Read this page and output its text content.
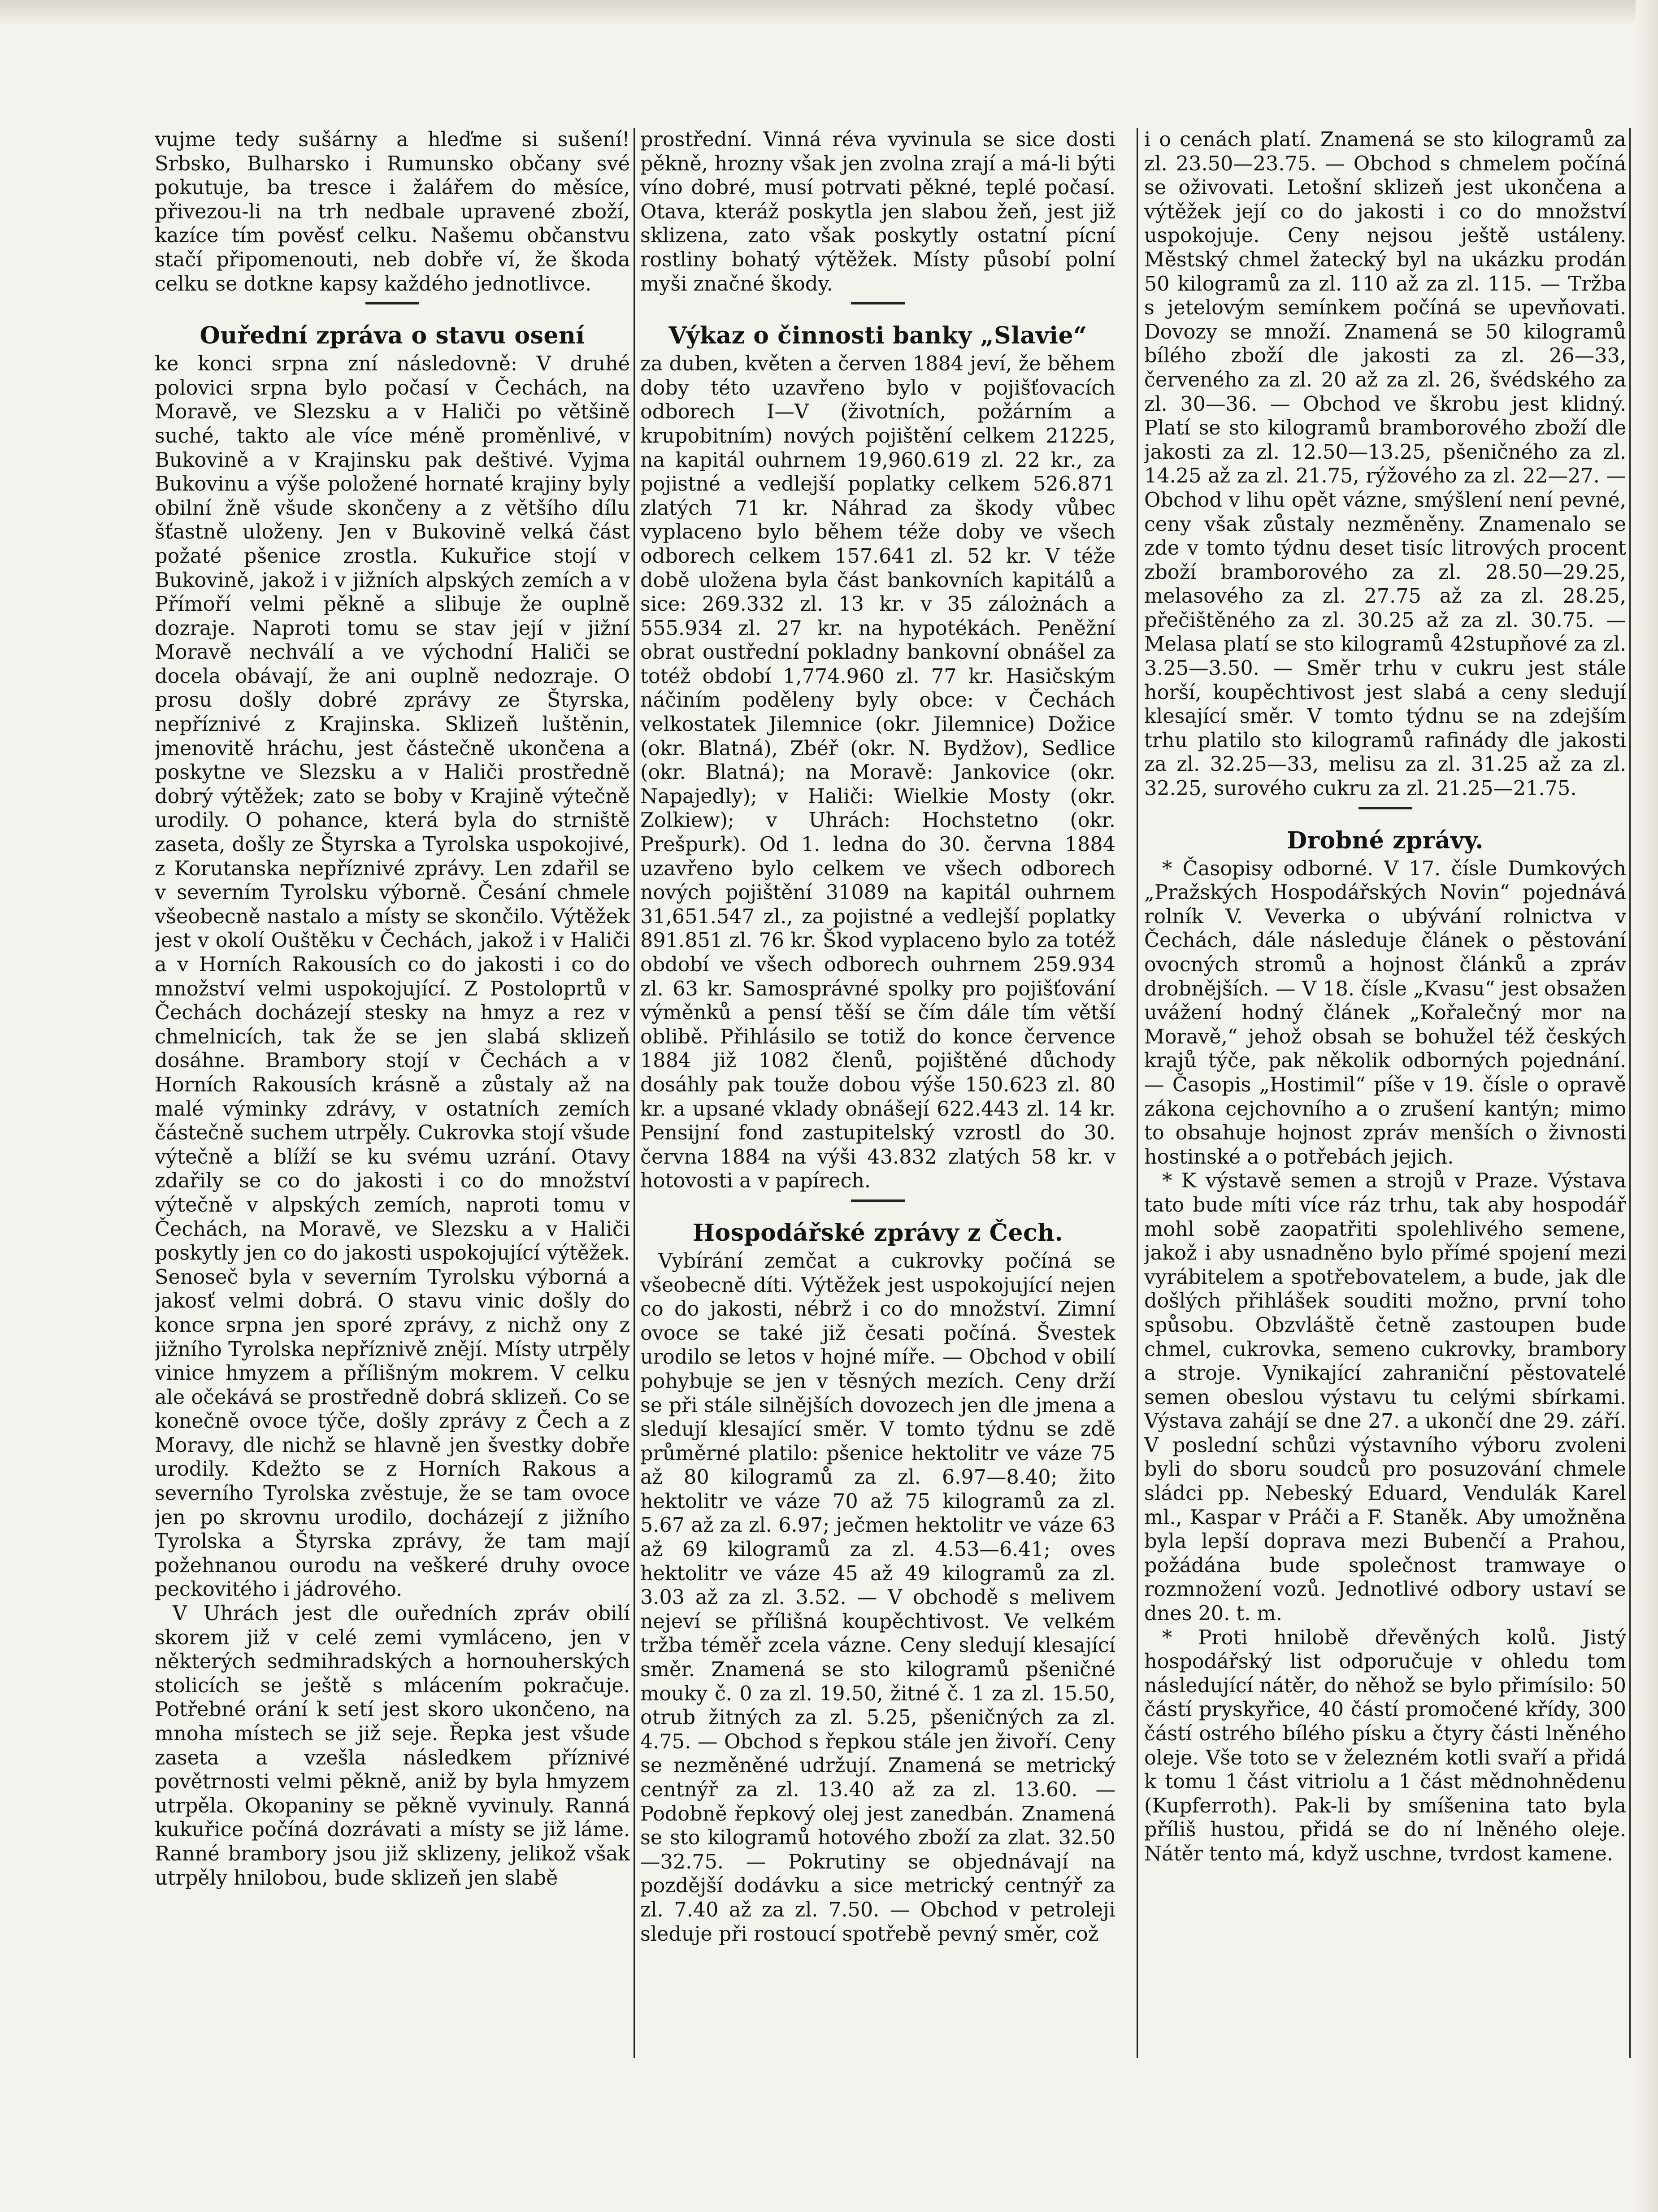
vujme tedy sušárny a hleďme si sušení! Srbsko, Bulharsko i Rumunsko občany své pokutuje, ba tresce i žalářem do měsíce, přivezou-li na trh nedbale upravené zboží, kazíce tím pověsť celku. Našemu občanstvu stačí připomenouti, neb dobře ví, že škoda celku se dotkne kapsy každého jednotlivce.

Ouřední zpráva o stavu osení

ke konci srpna zní následovně: V druhé polovici srpna bylo počasí v Čechách, na Moravě, ve Slezsku a v Haliči po většině suché, takto ale více méně proměnlivé, v Bukovině a v Krajinsku pak deštivé. Vyjma Bukovinu a výše položené hornaté krajiny byly obilní žně všude skončeny a z většího dílu šťastně uloženy. Jen v Bukovině velká část požaté pšenice zrostla. Kukuřice stojí v Bukovině, jakož i v jižních alpských zemích a v Přímoří velmi pěkně a slibuje že ouplně dozraje. Naproti tomu se stav její v jižní Moravě nechválí a ve východní Haliči se docela obávají, že ani ouplně nedozraje. O prosu došly dobré zprávy ze Štyrska, nepříznivé z Krajinska. Sklizeň luštěnin, jmenovitě hráchu, jest částečně ukončena a poskytne ve Slezsku a v Haliči prostředně dobrý výtěžek; zato se boby v Krajině výtečně urodily. O pohance, která byla do strniště zaseta, došly ze Štyrska a Tyrolska uspokojivé, z Korutanska nepříznivé zprávy. Len zdařil se v severním Tyrolsku výborně. Česání chmele všeobecně nastalo a místy se skončilo. Výtěžek jest v okolí Ouštěku v Čechách, jakož i v Haliči a v Horních Rakousích co do jakosti i co do množství velmi uspokojující. Z Postoloprtů v Čechách docházejí stesky na hmyz a rez v chmelnicích, tak že se jen slabá sklizeň dosáhne. Brambory stojí v Čechách a v Horních Rakousích krásně a zůstaly až na malé výminky zdrávy, v ostatních zemích částečně suchem utrpěly. Cukrovka stojí všude výtečně a blíží se ku svému uzrání. Otavy zdařily se co do jakosti i co do množství výtečně v alpských zemích, naproti tomu v Čechách, na Moravě, ve Slezsku a v Haliči poskytly jen co do jakosti uspokojující výtěžek. Senoseč byla v severním Tyrolsku výborná a jakosť velmi dobrá. O stavu vinic došly do konce srpna jen sporé zprávy, z nichž ony z jižního Tyrolska nepříznivě znějí. Místy utrpěly vinice hmyzem a přílišným mokrem. V celku ale očekává se prostředně dobrá sklizeň. Co se konečně ovoce týče, došly zprávy z Čech a z Moravy, dle nichž se hlavně jen švestky dobře urodily. Kdežto se z Horních Rakous a severního Tyrolska zvěstuje, že se tam ovoce jen po skrovnu urodilo, docházejí z jižního Tyrolska a Štyrska zprávy, že tam mají požehnanou ourodu na veškeré druhy ovoce peckovitého i jádrového.

V Uhrách jest dle ouředních zpráv obilí skorem již v celé zemi vymláceno, jen v některých sedmihradských a hornouherských stolicích se ještě s mlácením pokračuje. Potřebné orání k setí jest skoro ukončeno, na mnoha místech se již seje. Řepka jest všude zaseta a vzešla následkem příznivé povětrnosti velmi pěkně, aniž by byla hmyzem utrpěla. Okopaniny se pěkně vyvinuly. Ranná kukuřice počíná dozrávati a místy se již láme. Ranné brambory jsou již sklizeny, jelikož však utrpěly hnilobou, bude sklizeň jen slabě

prostřední. Vinná réva vyvinula se sice dosti pěkně, hrozny však jen zvolna zrají a má-li býti víno dobré, musí potrvati pěkné, teplé počasí. Otava, kteráž poskytla jen slabou žeň, jest již sklizena, zato však poskytly ostatní pícní rostliny bohatý výtěžek. Místy působí polní myši značné škody.

Výkaz o činnosti banky „Slavie“

za duben, květen a červen 1884 jeví, že během doby této uzavřeno bylo v pojišťovacích odborech I—V (životních, požárním a krupobitním) nových pojištění celkem 21225, na kapitál ouhrnem 19,960.619 zl. 22 kr., za pojistné a vedlejší poplatky celkem 526.871 zlatých 71 kr. Náhrad za škody vůbec vyplaceno bylo během téže doby ve všech odborech celkem 157.641 zl. 52 kr. V téže době uložena byla část bankovních kapitálů a sice: 269.332 zl. 13 kr. v 35 zálożnách a 555.934 zl. 27 kr. na hypotékách. Peněžní obrat oustřední pokladny bankovní obnášel za totéž období 1,774.960 zl. 77 kr. Hasičským náčiním poděleny byly obce: v Čechách velkostatek Jilemnice (okr. Jilemnice) Dožice (okr. Blatná), Zbéř (okr. N. Bydžov), Sedlice (okr. Blatná); na Moravě: Jankovice (okr. Napajedly); v Haliči: Wielkie Mosty (okr. Zolkiew); v Uhrách: Hochstetno (okr. Prešpurk). Od 1. ledna do 30. června 1884 uzavřeno bylo celkem ve všech odborech nových pojištění 31089 na kapitál ouhrnem 31,651.547 zl., za pojistné a vedlejší poplatky 891.851 zl. 76 kr. Škod vyplaceno bylo za totéž období ve všech odborech ouhrnem 259.934 zl. 63 kr. Samosprávné spolky pro pojišťování výměnků a pensí těší se čím dále tím větší oblibě. Přihlásilo se totiž do konce července 1884 již 1082 členů, pojištěné důchody dosáhly pak touže dobou výše 150.623 zl. 80 kr. a upsané vklady obnášejí 622.443 zl. 14 kr. Pensijní fond zastupitelský vzrostl do 30. června 1884 na výši 43.832 zlatých 58 kr. v hotovosti a v papírech.

Hospodářské zprávy z Čech.

Vybírání zemčat a cukrovky počíná se všeobecně díti. Výtěžek jest uspokojující nejen co do jakosti, nébrž i co do množství. Zimní ovoce se také již česati počíná. Švestek urodilo se letos v hojné míře. — Obchod v obilí pohybuje se jen v těsných mezích. Ceny drží se při stále silnějších dovozech jen dle jmena a sledují klesající směr. V tomto týdnu se zdě průměrné platilo: pšenice hektolitr ve váze 75 až 80 kilogramů za zl. 6.97—8.40; žito hektolitr ve váze 70 až 75 kilogramů za zl. 5.67 až za zl. 6.97; ječmen hektolitr ve váze 63 až 69 kilogramů za zl. 4.53—6.41; oves hektolitr ve váze 45 až 49 kilogramů za zl. 3.03 až za zl. 3.52. — V obchodě s melivem nejeví se přílišná koupěchtivost. Ve velkém tržba téměř zcela vázne. Ceny sledují klesající směr. Znamená se sto kilogramů pšeničné mouky č. 0 za zl. 19.50, žitné č. 1 za zl. 15.50, otrub žitných za zl. 5.25, pšeničných za zl. 4.75. — Obchod s řepkou stále jen živoří. Ceny se nezměněné udržují. Znamená se metrický centnýř za zl. 13.40 až za zl. 13.60. — Podobně řepkový olej jest zanedbán. Znamená se sto kilogramů hotového zboží za zlat. 32.50—32.75. — Pokrutiny se objednávají na pozdější dodávku a sice metrický centnýř za zl. 7.40 až za zl. 7.50. — Obchod v petroleji sleduje při rostoucí spotřebě pevný směr, což

i o cenách platí. Znamená se sto kilogramů za zl. 23.50—23.75. — Obchod s chmelem počíná se oživovati. Letošní sklizeň jest ukončena a výtěžek její co do jakosti i co do množství uspokojuje. Ceny nejsou ještě ustáleny. Městský chmel žatecký byl na ukázku prodán 50 kilogramů za zl. 110 až za zl. 115. — Tržba s jetelovým semínkem počíná se upevňovati. Dovozy se množí. Znamená se 50 kilogramů bílého zboží dle jakosti za zl. 26—33, červeného za zl. 20 až za zl. 26, švédského za zl. 30—36. — Obchod ve škrobu jest klidný. Platí se sto kilogramů bramborového zboží dle jakosti za zl. 12.50—13.25, pšeničného za zl. 14.25 až za zl. 21.75, rýžového za zl. 22—27. — Obchod v lihu opět vázne, smýšlení není pevné, ceny však zůstaly nezměněny. Znamenalo se zde v tomto týdnu deset tisíc litrových procent zboží bramborového za zl. 28.50—29.25, melasového za zl. 27.75 až za zl. 28.25, přečištěného za zl. 30.25 až za zl. 30.75. — Melasa platí se sto kilogramů 42stupňové za zl. 3.25—3.50. — Směr trhu v cukru jest stále horší, koupěchtivost jest slabá a ceny sledují klesající směr. V tomto týdnu se na zdejším trhu platilo sto kilogramů rafinády dle jakosti za zl. 32.25—33, melisu za zl. 31.25 až za zl. 32.25, surového cukru za zl. 21.25—21.75.

Drobné zprávy.

* Časopisy odborné. V 17. čísle Dumkových „Pražských Hospodářských Novin“ pojednává rolník V. Veverka o ubývání rolnictva v Čechách, dále následuje článek o pěstování ovocných stromů a hojnost článků a zpráv drobnějších. — V 18. čísle „Kvasu“ jest obsažen uvážení hodný článek „Kořalečný mor na Moravě,“ jehož obsah se bohužel též českých krajů týče, pak několik odborných pojednání. — Časopis „Hostimil“ píše v 19. čísle o opravě zákona cejchovního a o zrušení kantýn; mimo to obsahuje hojnost zpráv menších o živnosti hostinské a o potřebách jejich.

* K výstavě semen a strojů v Praze. Výstava tato bude míti více ráz trhu, tak aby hospodář mohl sobě zaopatřiti spolehlivého semene, jakož i aby usnadněno bylo přímé spojení mezi vyrábitelem a spotřebovatelem, a bude, jak dle došlých přihlášek souditi možno, první toho spůsobu. Obzvláště četně zastoupen bude chmel, cukrovka, semeno cukrovky, brambory a stroje. Vynikající zahraniční pěstovatelé semen obeslou výstavu tu celými sbírkami. Výstava zahájí se dne 27. a ukončí dne 29. září. V poslední schůzi výstavního výboru zvoleni byli do sboru soudců pro posuzování chmele sládci pp. Nebeský Eduard, Vendulák Karel ml., Kaspar v Práči a F. Staněk. Aby umožněna byla lepší doprava mezi Bubenčí a Prahou, požádána bude společnost tramwaye o rozmnožení vozů. Jednotlivé odbory ustaví se dnes 20. t. m.

* Proti hnilobě dřevěných kolů. Jistý hospodářský list odporučuje v ohledu tom následující nátěr, do něhož se bylo přimísilo: 50 částí pryskyřice, 40 částí promočené křídy, 300 částí ostrého bílého písku a čtyry části lněného oleje. Vše toto se v železném kotli svaří a přidá k tomu 1 část vitriolu a 1 část mědnohnědenu (Kupferroth). Pak-li by smíšenina tato byla příliš hustou, přidá se do ní lněného oleje. Nátěr tento má, když uschne, tvrdost kamene.
